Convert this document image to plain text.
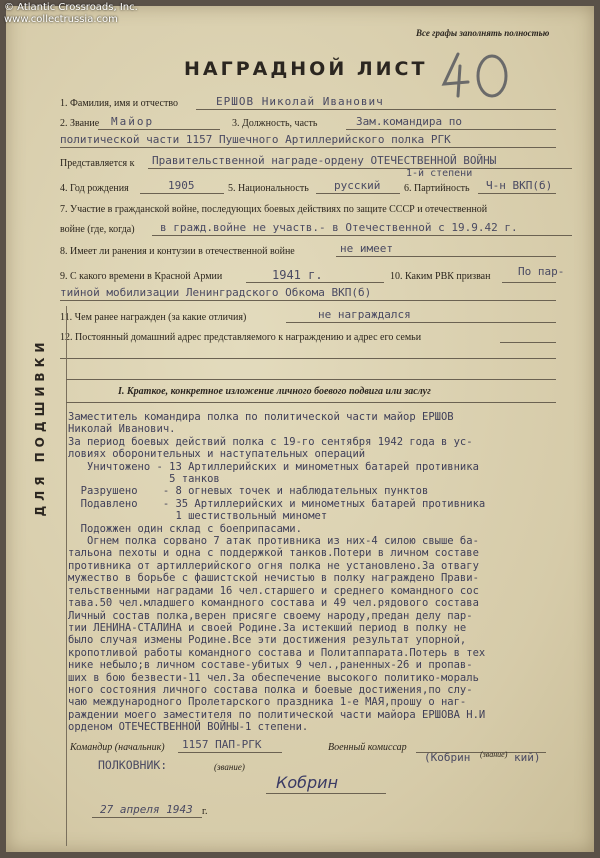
© Atlantic Crossroads, Inc.
www.collectrussia.com
Все графы заполнять полностью
НАГРАДНОЙ ЛИСТ
1. Фамилия, имя и отчество	ЕРШОВ Николай Иванович
2. Звание Майор	3. Должность, часть	Зам.командира по
политической части 1157 Пушечного Артиллерийского полка РГК
Представляется к Правительственной награде-ордену ОТЕЧЕСТВЕННОЙ ВОЙНЫ
1-й степени
4. Год рождения	1905	5. Национальность русский 6. Партийность Ч-н ВКП(б)
7. Участие в гражданской войне, последующих боевых действиях по защите СССР и отечественной
войне (где, когда) в гражд.войне не участв.- в Отечественной с 19.9.42 г.
8. Имеет ли ранения и контузии в отечественной войне	не имеет
9. С какого времени в Красной Армии	1941 г.	10. Каким РВК призван	По пар-
тийной мобилизации Ленинградского Обкома ВКП(б)
11. Чем ранее награжден (за какие отличия)	не награждался
12. Постоянный домашний адрес представляемого к награждению и адрес его семьи
ДЛЯ ПОДШИВКИ	I. Краткое, конкретное изложение личного боевого подвига или заслуг
Заместитель командира полка по политической части майор ЕРШОВ
Николай Иванович.
За период боевых действий полка с 19-го сентября 1942 года в ус-
ловиях оборонительных и наступательных операций
Уничтожено - 13 Артиллерийских и минометных батарей противника
5 танков
Разрушено    - 8 огневых точек и наблюдательных пунктов
Подавлено    - 35 Артиллерийских и минометных батарей противника
1 шестиствольный миномет
Подожжен один склад с боеприпасами.
Огнем полка сорвано 7 атак противника из них-4 силою свыше ба-
тальона пехоты и одна с поддержкой танков.Потери в личном составе
противника от артиллерийского огня полка не установлено.За отвагу
мужество в борьбе с фашистской нечистью в полку награждено Прави-
тельственными наградами 16 чел.старшего и среднего командного сос
тава.50 чел.младшего командного состава и 49 чел.рядового состава
Личный состав полка,верен присяге своему народу,предан делу пар-
тии ЛЕНИНА-СТАЛИНА и своей Родине.За истекший период в полку не
было случая измены Родине.Все эти достижения результат упорной,
кропотливой работы командного состава и Политаппарата.Потерь в тех
нике небыло;в личном составе-убитых 9 чел.,раненных-26 и пропав-
ших в бою безвести-11 чел.За обеспечение высокого политико-мораль
ного состояния личного состава полка и боевые достижения,по слу-
чаю международного Пролетарского праздника 1-е МАЯ,прошу о наг-
раждении моего заместителя по политической части майора ЕРШОВА Н.И
орденом ОТЕЧЕСТВЕННОЙ ВОЙНЫ-1 степени.
Командир (начальник) 1157 ПАП-РГК	Военный комиссар
ПОЛКОВНИК:	(звание)
(Кобрин (звание) кий)
Кобрин
27 апреля 1943 г.
